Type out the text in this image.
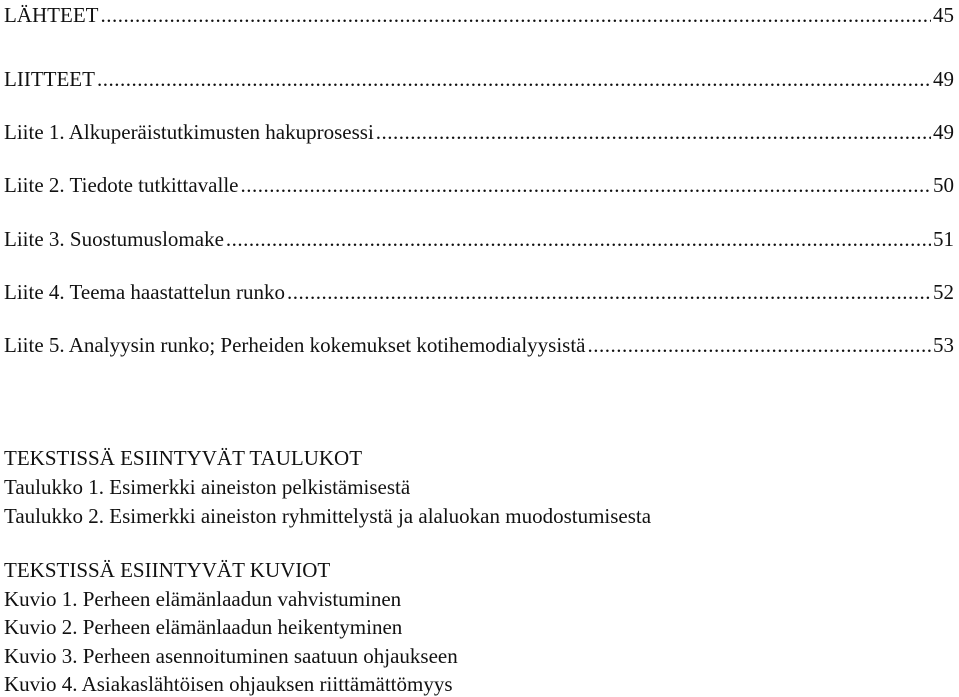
LÄHTEET .....	45
LIITTEET .....	49
Liite 1. Alkuperäistutkimusten hakuprosessi .....	49
Liite 2. Tiedote tutkittavalle .....	50
Liite 3. Suostumuslomake .....	51
Liite 4. Teema haastattelun runko .....	52
Liite 5. Analyysin runko; Perheiden kokemukset kotihemodialyysistä .....	53
TEKSTISSÄ ESIINTYVÄT TAULUKOT
Taulukko 1. Esimerkki aineiston pelkistämisestä
Taulukko 2. Esimerkki aineiston ryhmittelystä ja alaluokan muodostumisesta
TEKSTISSÄ ESIINTYVÄT KUVIOT
Kuvio 1. Perheen elämänlaadun vahvistuminen
Kuvio 2. Perheen elämänlaadun heikentyminen
Kuvio 3. Perheen asennoituminen saatuun ohjaukseen
Kuvio 4. Asiakaslähtöisen ohjauksen riittämättömyys
